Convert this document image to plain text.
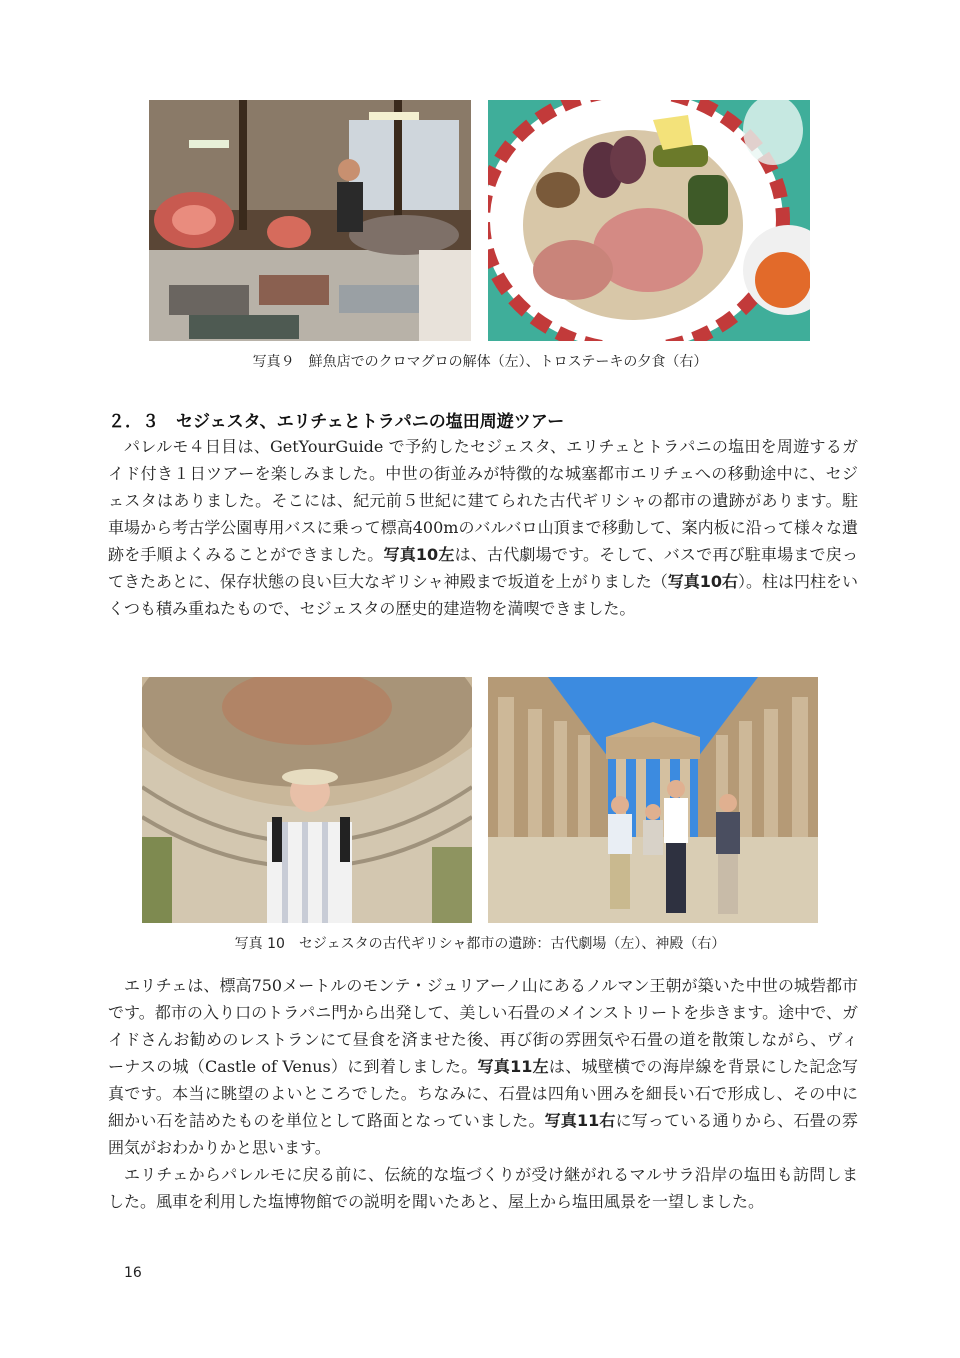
写真９　鮮魚店でのクロマグロの解体（左）、トロステーキの夕食（右）
２．３　セジェスタ、エリチェとトラパニの塩田周遊ツアー

パレルモ４日目は、GetYourGuide で予約したセジェスタ、エリチェとトラパニの塩田を周遊するガイド付き１日ツアーを楽しみました。中世の街並みが特徴的な城塞都市エリチェへの移動途中に、セジェスタはありました。そこには、紀元前５世紀に建てられた古代ギリシャの都市の遺跡があります。駐車場から考古学公園専用バスに乗って標高400mのバルバロ山頂まで移動して、案内板に沿って様々な遺跡を手順よくみることができました。写真10左は、古代劇場です。そして、バスで再び駐車場まで戻ってきたあとに、保存状態の良い巨大なギリシャ神殿まで坂道を上がりました（写真10右）。柱は円柱をいくつも積み重ねたもので、セジェスタの歴史的建造物を満喫できました。

写真 10　セジェスタの古代ギリシャ都市の遺跡：古代劇場（左）、神殿（右）

エリチェは、標高750メートルのモンテ・ジュリアーノ山にあるノルマン王朝が築いた中世の城砦都市です。都市の入り口のトラパニ門から出発して、美しい石畳のメインストリートを歩きます。途中で、ガイドさんお勧めのレストランにて昼食を済ませた後、再び街の雰囲気や石畳の道を散策しながら、ヴィーナスの城（Castle of Venus）に到着しました。写真11左は、城壁横での海岸線を背景にした記念写真です。本当に眺望のよいところでした。ちなみに、石畳は四角い囲みを細長い石で形成し、その中に細かい石を詰めたものを単位として路面となっていました。写真11右に写っている通りから、石畳の雰囲気がおわかりかと思います。

エリチェからパレルモに戻る前に、伝統的な塩づくりが受け継がれるマルサラ沿岸の塩田も訪問しました。風車を利用した塩博物館での説明を聞いたあと、屋上から塩田風景を一望しました。

16
